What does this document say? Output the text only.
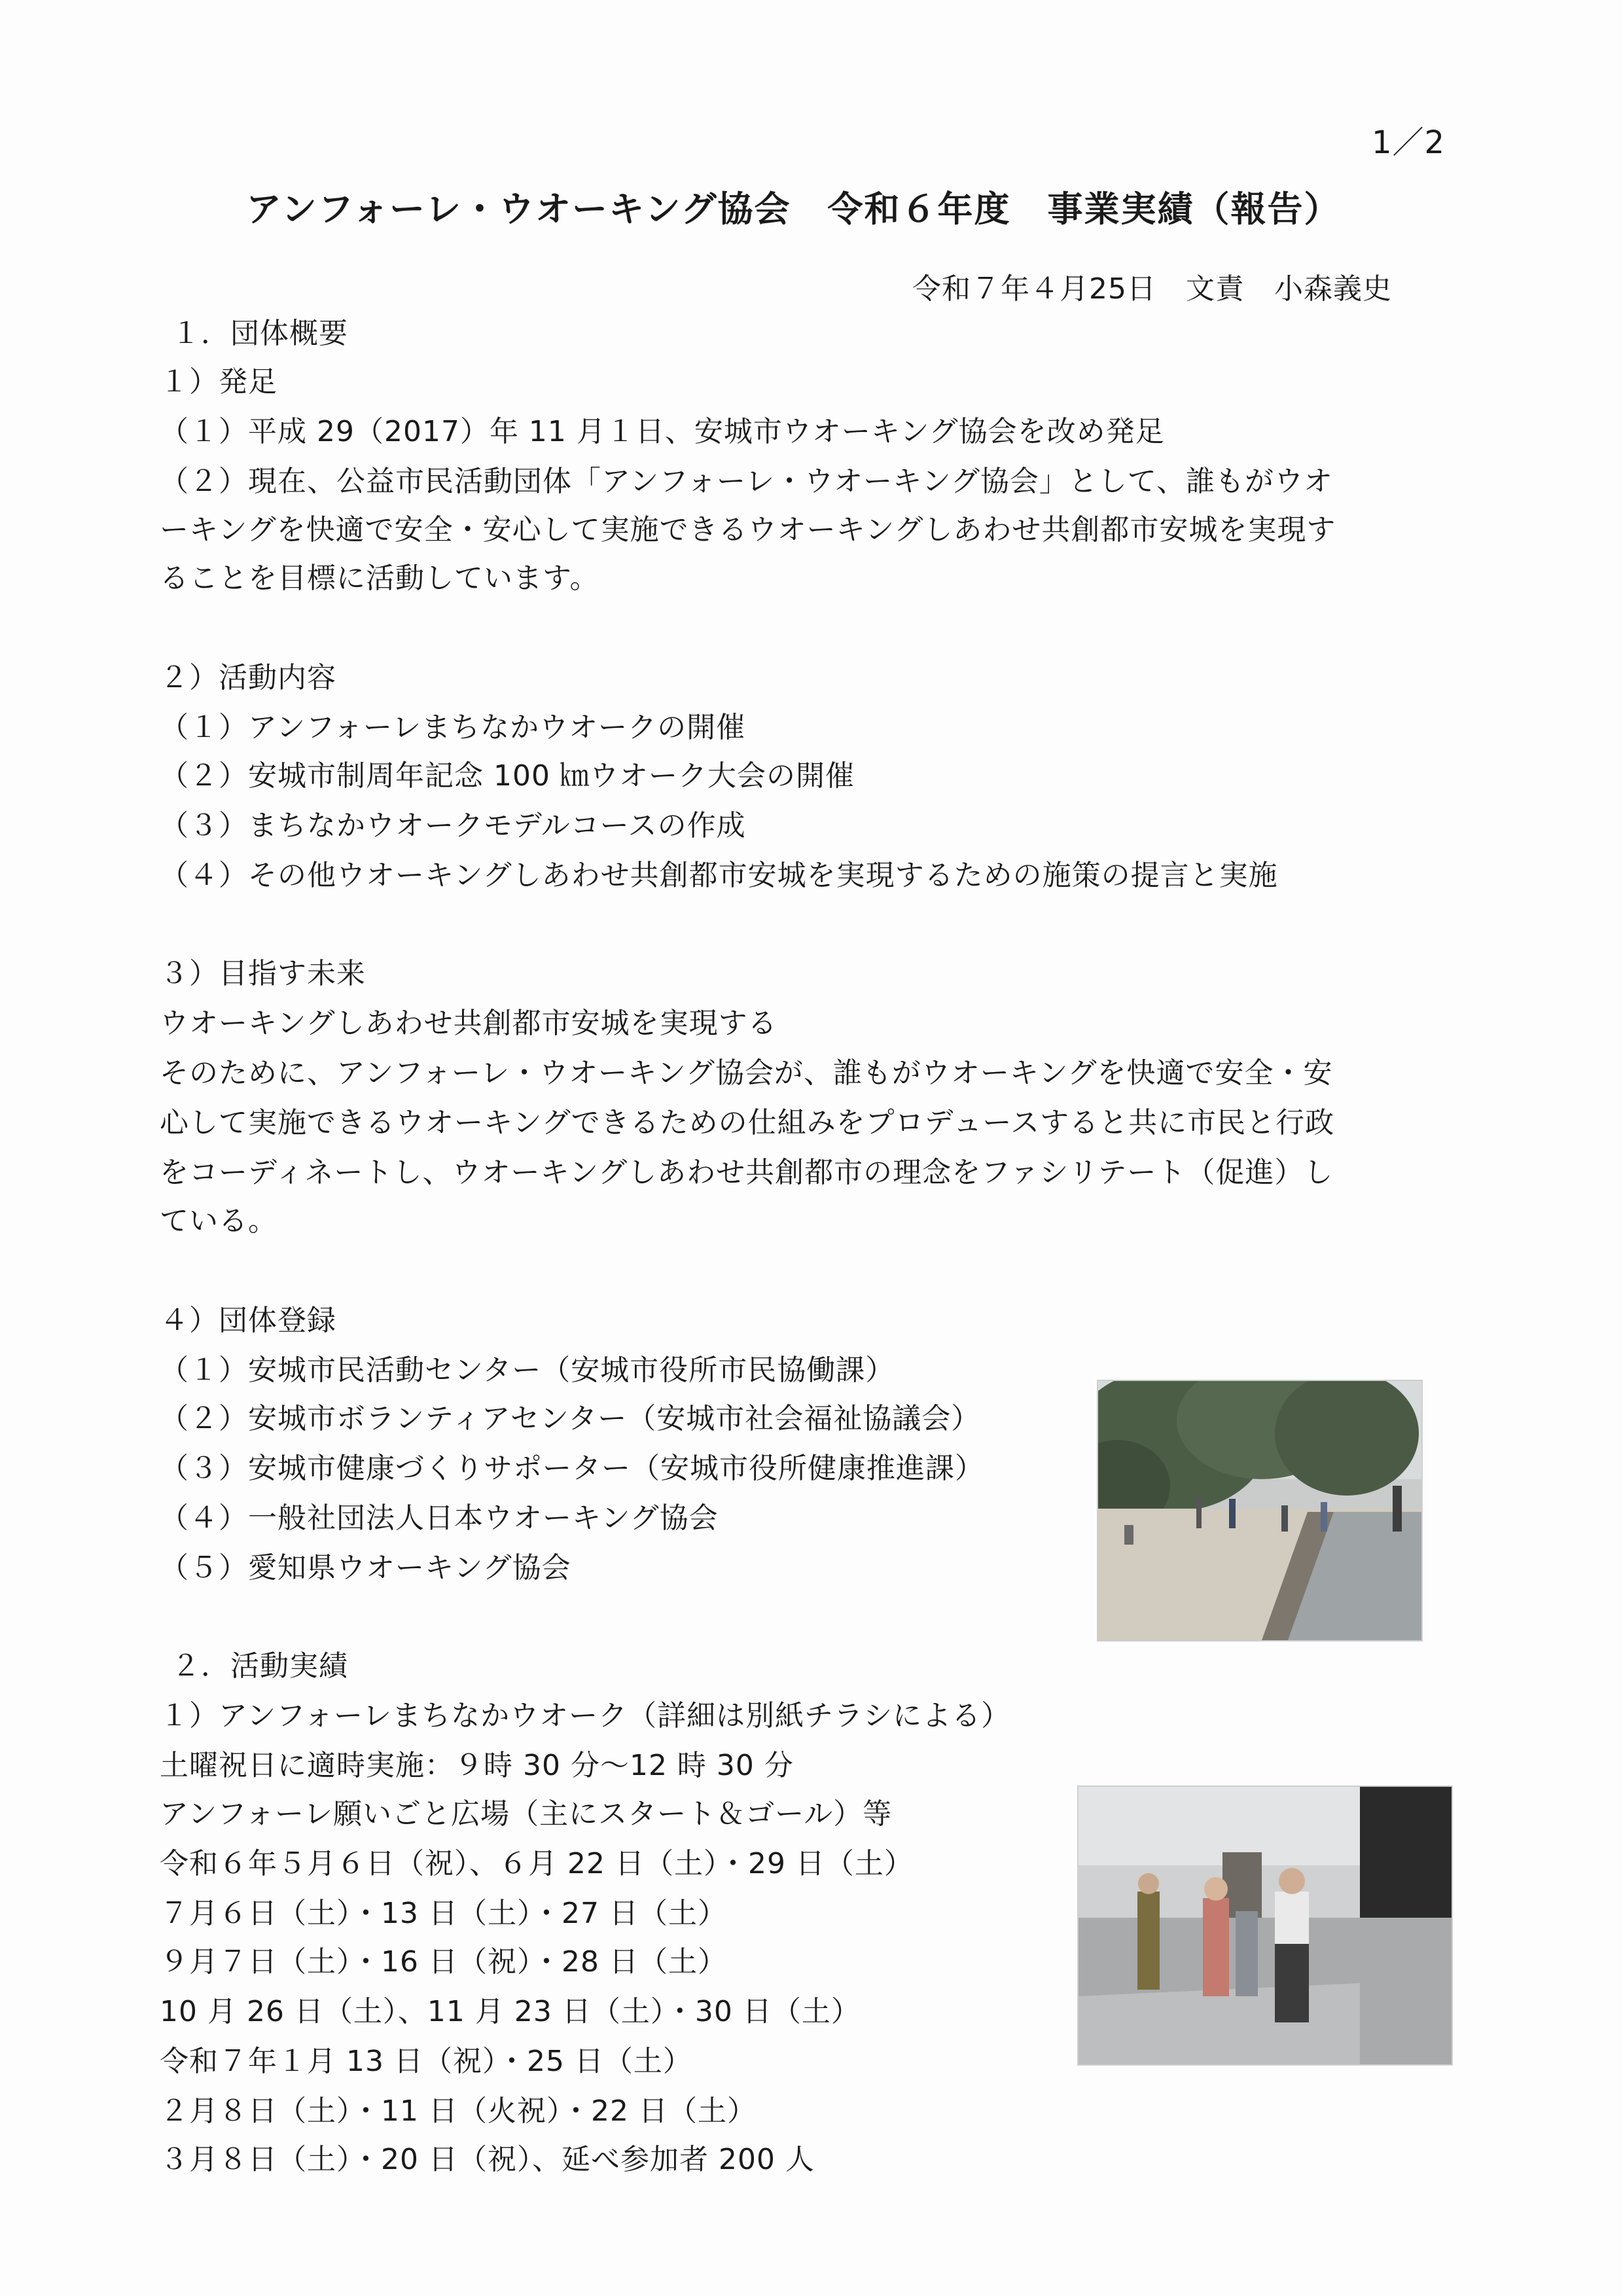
1／2
アンフォーレ・ウオーキング協会　令和６年度　事業実績（報告）
令和７年４月25日　文責　小森義史
１．団体概要
１）発足
（１）平成 29（2017）年 11 月１日、安城市ウオーキング協会を改め発足
（２）現在、公益市民活動団体「アンフォーレ・ウオーキング協会」として、誰もがウオ
ーキングを快適で安全・安心して実施できるウオーキングしあわせ共創都市安城を実現す
ることを目標に活動しています。
２）活動内容
（１）アンフォーレまちなかウオークの開催
（２）安城市制周年記念 100 ㎞ウオーク大会の開催
（３）まちなかウオークモデルコースの作成
（４）その他ウオーキングしあわせ共創都市安城を実現するための施策の提言と実施
３）目指す未来
ウオーキングしあわせ共創都市安城を実現する
そのために、アンフォーレ・ウオーキング協会が、誰もがウオーキングを快適で安全・安
心して実施できるウオーキングできるための仕組みをプロデュースすると共に市民と行政
をコーディネートし、ウオーキングしあわせ共創都市の理念をファシリテート（促進）し
ている。
４）団体登録
（１）安城市民活動センター（安城市役所市民協働課）
（２）安城市ボランティアセンター（安城市社会福祉協議会）
（３）安城市健康づくりサポーター（安城市役所健康推進課）
（４）一般社団法人日本ウオーキング協会
（５）愛知県ウオーキング協会
２．活動実績
１）アンフォーレまちなかウオーク（詳細は別紙チラシによる）
土曜祝日に適時実施：９時 30 分～12 時 30 分
アンフォーレ願いごと広場（主にスタート＆ゴール）等
令和６年５月６日（祝）、６月 22 日（土）・29 日（土）
７月６日（土）・13 日（土）・27 日（土）
９月７日（土）・16 日（祝）・28 日（土）
10 月 26 日（土）、11 月 23 日（土）・30 日（土）
令和７年１月 13 日（祝）・25 日（土）
２月８日（土）・11 日（火祝）・22 日（土）
３月８日（土）・20 日（祝）、延べ参加者 200 人
